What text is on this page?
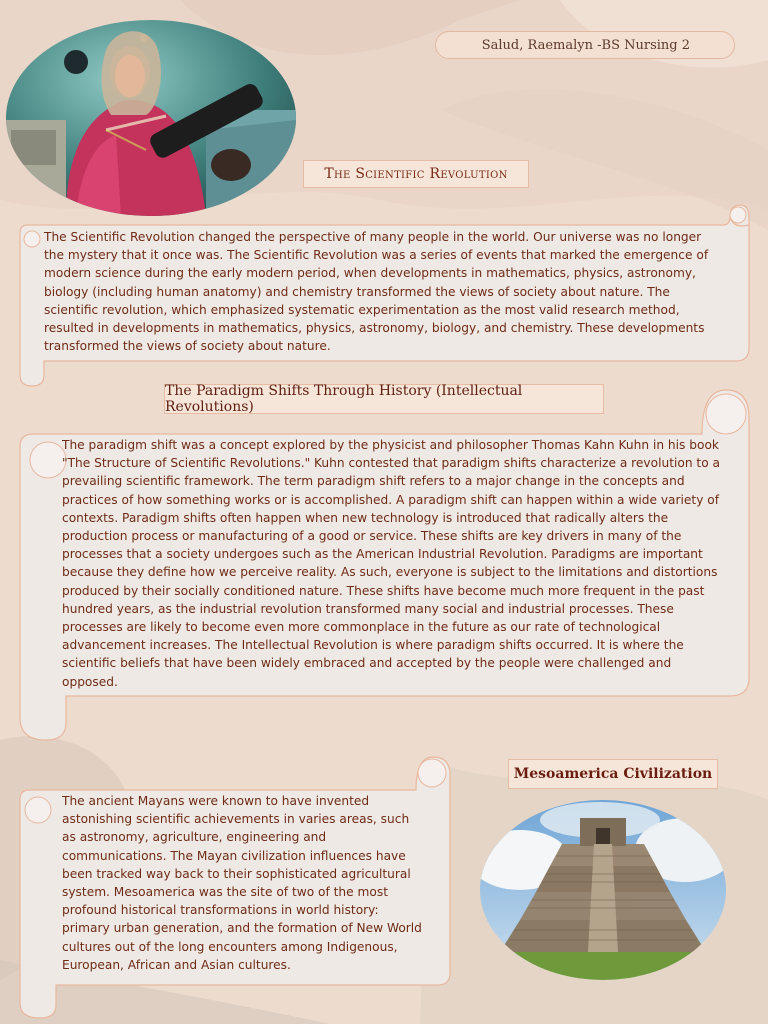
Salud, Raemalyn -BS Nursing 2
The Scientific Revolution
The Scientific Revolution changed the perspective of many people in the world. Our universe was no longer the mystery that it once was. The Scientific Revolution was a series of events that marked the emergence of modern science during the early modern period, when developments in mathematics, physics, astronomy, biology (including human anatomy) and chemistry transformed the views of society about nature. The scientific revolution, which emphasized systematic experimentation as the most valid research method, resulted in developments in mathematics, physics, astronomy, biology, and chemistry. These developments transformed the views of society about nature.
The Paradigm Shifts Through History (Intellectual Revolutions)
The paradigm shift was a concept explored by the physicist and philosopher Thomas Kahn Kuhn in his book "The Structure of Scientific Revolutions." Kuhn contested that paradigm shifts characterize a revolution to a prevailing scientific framework. The term paradigm shift refers to a major change in the concepts and practices of how something works or is accomplished. A paradigm shift can happen within a wide variety of contexts. Paradigm shifts often happen when new technology is introduced that radically alters the production process or manufacturing of a good or service. These shifts are key drivers in many of the processes that a society undergoes such as the American Industrial Revolution. Paradigms are important because they define how we perceive reality. As such, everyone is subject to the limitations and distortions produced by their socially conditioned nature. These shifts have become much more frequent in the past hundred years, as the industrial revolution transformed many social and industrial processes. These processes are likely to become even more commonplace in the future as our rate of technological advancement increases. The Intellectual Revolution is where paradigm shifts occurred. It is where the scientific beliefs that have been widely embraced and accepted by the people were challenged and opposed.
Mesoamerica Civilization
The ancient Mayans were known to have invented astonishing scientific achievements in varies areas, such as astronomy, agriculture, engineering and communications. The Mayan civilization influences have been tracked way back to their sophisticated agricultural system. Mesoamerica was the site of two of the most profound historical transformations in world history: primary urban generation, and the formation of New World cultures out of the long encounters among Indigenous, European, African and Asian cultures.
